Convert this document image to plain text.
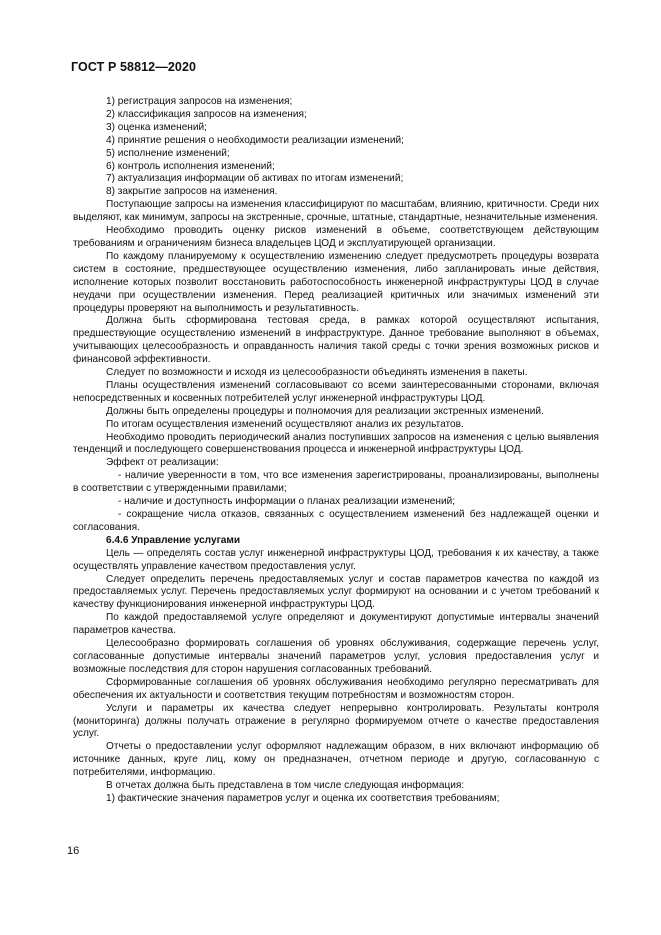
ГОСТ Р 58812—2020

1) регистрация запросов на изменения;

2) классификация запросов на изменения;

3) оценка изменений;

4) принятие решения о необходимости реализации изменений;

5) исполнение изменений;

6) контроль исполнения изменений;

7) актуализация информации об активах по итогам изменений;

8) закрытие запросов на изменения.

Поступающие запросы на изменения классифицируют по масштабам, влиянию, критичности. Среди них выделяют, как минимум, запросы на экстренные, срочные, штатные, стандартные, незначительные изменения.

Необходимо проводить оценку рисков изменений в объеме, соответствующем действующим требованиям и ограничениям бизнеса владельцев ЦОД и эксплуатирующей организации.

По каждому планируемому к осуществлению изменению следует предусмотреть процедуры возврата систем в состояние, предшествующее осуществлению изменения, либо запланировать иные действия, исполнение которых позволит восстановить работоспособность инженерной инфраструктуры ЦОД в случае неудачи при осуществлении изменения. Перед реализацией критичных или значимых изменений эти процедуры проверяют на выполнимость и результативность.

Должна быть сформирована тестовая среда, в рамках которой осуществляют испытания, предшествующие осуществлению изменений в инфраструктуре. Данное требование выполняют в объемах, учитывающих целесообразность и оправданность наличия такой среды с точки зрения возможных рисков и финансовой эффективности.

Следует по возможности и исходя из целесообразности объединять изменения в пакеты.

Планы осуществления изменений согласовывают со всеми заинтересованными сторонами, включая непосредственных и косвенных потребителей услуг инженерной инфраструктуры ЦОД.

Должны быть определены процедуры и полномочия для реализации экстренных изменений.

По итогам осуществления изменений осуществляют анализ их результатов.

Необходимо проводить периодический анализ поступивших запросов на изменения с целью выявления тенденций и последующего совершенствования процесса и инженерной инфраструктуры ЦОД.

Эффект от реализации:

- наличие уверенности в том, что все изменения зарегистрированы, проанализированы, выполнены в соответствии с утвержденными правилами;

- наличие и доступность информации о планах реализации изменений;

- сокращение числа отказов, связанных с осуществлением изменений без надлежащей оценки и согласования.

6.4.6 Управление услугами

Цель — определять состав услуг инженерной инфраструктуры ЦОД, требования к их качеству, а также осуществлять управление качеством предоставления услуг.

Следует определить перечень предоставляемых услуг и состав параметров качества по каждой из предоставляемых услуг. Перечень предоставляемых услуг формируют на основании и с учетом требований к качеству функционирования инженерной инфраструктуры ЦОД.

По каждой предоставляемой услуге определяют и документируют допустимые интервалы значений параметров качества.

Целесообразно формировать соглашения об уровнях обслуживания, содержащие перечень услуг, согласованные допустимые интервалы значений параметров услуг, условия предоставления услуг и возможные последствия для сторон нарушения согласованных требований.

Сформированные соглашения об уровнях обслуживания необходимо регулярно пересматривать для обеспечения их актуальности и соответствия текущим потребностям и возможностям сторон.

Услуги и параметры их качества следует непрерывно контролировать. Результаты контроля (мониторинга) должны получать отражение в регулярно формируемом отчете о качестве предоставления услуг.

Отчеты о предоставлении услуг оформляют надлежащим образом, в них включают информацию об источнике данных, круге лиц, кому он предназначен, отчетном периоде и другую, согласованную с потребителями, информацию.

В отчетах должна быть представлена в том числе следующая информация:

1) фактические значения параметров услуг и оценка их соответствия требованиям;

16
